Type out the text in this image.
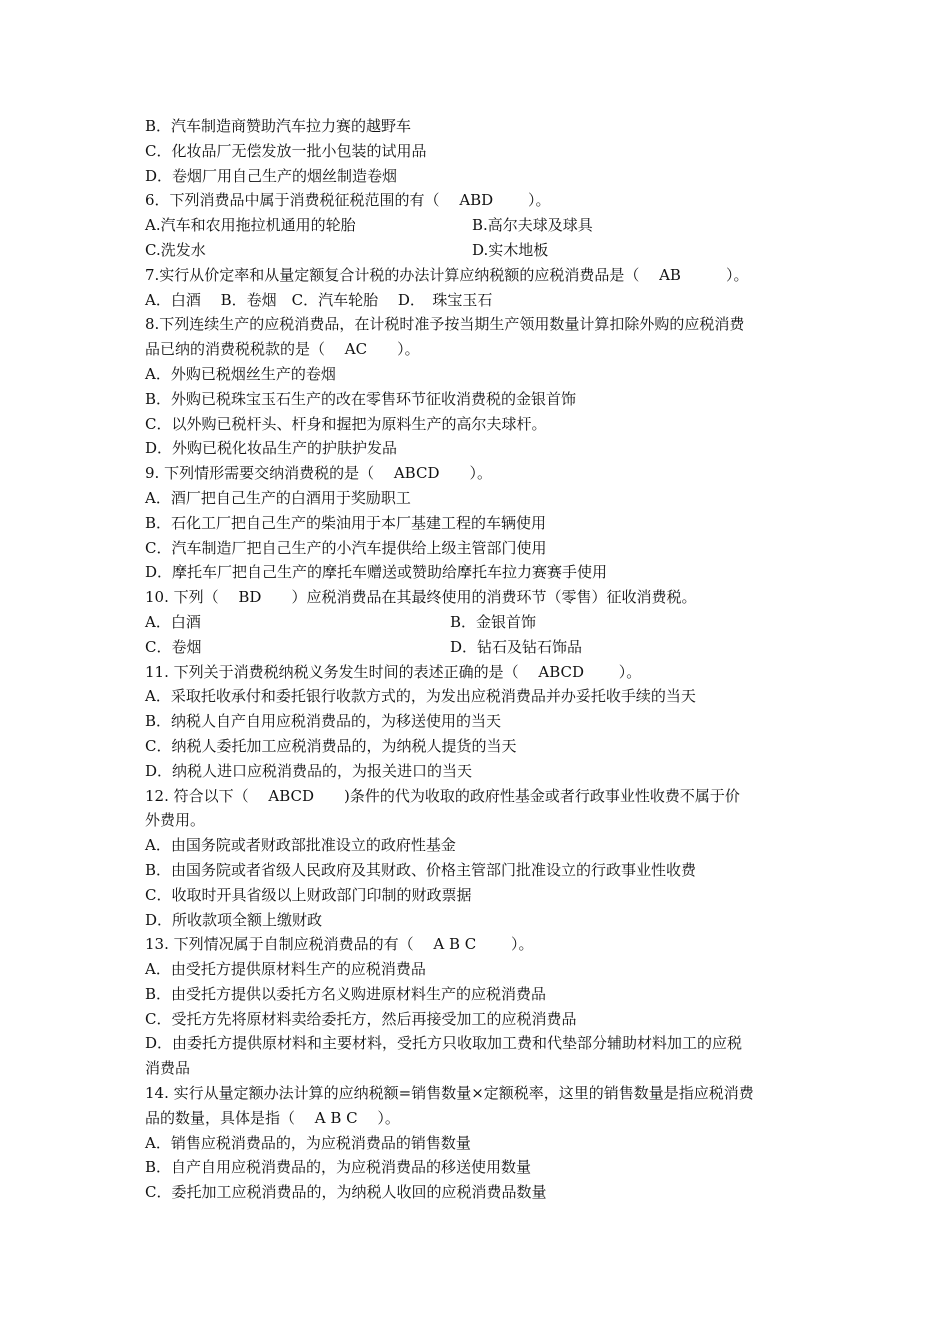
B．汽车制造商赞助汽车拉力赛的越野车
C．化妆品厂无偿发放一批小包装的试用品
D．卷烟厂用自己生产的烟丝制造卷烟
6．下列消费品中属于消费税征税范围的有（　 ABD　　 ）。
A.汽车和农用拖拉机通用的轮胎	B.高尔夫球及球具
C.洗发水	D.实木地板
7.实行从价定率和从量定额复合计税的办法计算应纳税额的应税消费品是（　 AB　　　）。
A．白酒　 B．卷烟　C．汽车轮胎　 D．　珠宝玉石
8.下列连续生产的应税消费品，在计税时准予按当期生产领用数量计算扣除外购的应税消费
品已纳的消费税税款的是（　 AC　　）。
A．外购已税烟丝生产的卷烟
B．外购已税珠宝玉石生产的改在零售环节征收消费税的金银首饰
C．以外购已税杆头、杆身和握把为原料生产的高尔夫球杆。
D．外购已税化妆品生产的护肤护发品
9. 下列情形需要交纳消费税的是（　 ABCD　　）。
A．酒厂把自己生产的白酒用于奖励职工
B．石化工厂把自己生产的柴油用于本厂基建工程的车辆使用
C．汽车制造厂把自己生产的小汽车提供给上级主管部门使用
D．摩托车厂把自己生产的摩托车赠送或赞助给摩托车拉力赛赛手使用
10. 下列（　 BD　　）应税消费品在其最终使用的消费环节（零售）征收消费税。
A．白酒	B．金银首饰
C．卷烟	D．钻石及钻石饰品
11. 下列关于消费税纳税义务发生时间的表述正确的是（　 ABCD　　 ）。
A．采取托收承付和委托银行收款方式的，为发出应税消费品并办妥托收手续的当天
B．纳税人自产自用应税消费品的，为移送使用的当天
C．纳税人委托加工应税消费品的，为纳税人提货的当天
D．纳税人进口应税消费品的，为报关进口的当天
12. 符合以下（　 ABCD　　)条件的代为收取的政府性基金或者行政事业性收费不属于价
外费用。
A．由国务院或者财政部批准设立的政府性基金
B．由国务院或者省级人民政府及其财政、价格主管部门批准设立的行政事业性收费
C．收取时开具省级以上财政部门印制的财政票据
D．所收款项全额上缴财政
13. 下列情况属于自制应税消费品的有（　 A B C　　 ）。
A．由受托方提供原材料生产的应税消费品
B．由受托方提供以委托方名义购进原材料生产的应税消费品
C．受托方先将原材料卖给委托方，然后再接受加工的应税消费品
D．由委托方提供原材料和主要材料，受托方只收取加工费和代垫部分辅助材料加工的应税
消费品
14. 实行从量定额办法计算的应纳税额=销售数量×定额税率，这里的销售数量是指应税消费
品的数量，具体是指（　 A B C　 ）。
A．销售应税消费品的，为应税消费品的销售数量
B．自产自用应税消费品的，为应税消费品的移送使用数量
C．委托加工应税消费品的，为纳税人收回的应税消费品数量
